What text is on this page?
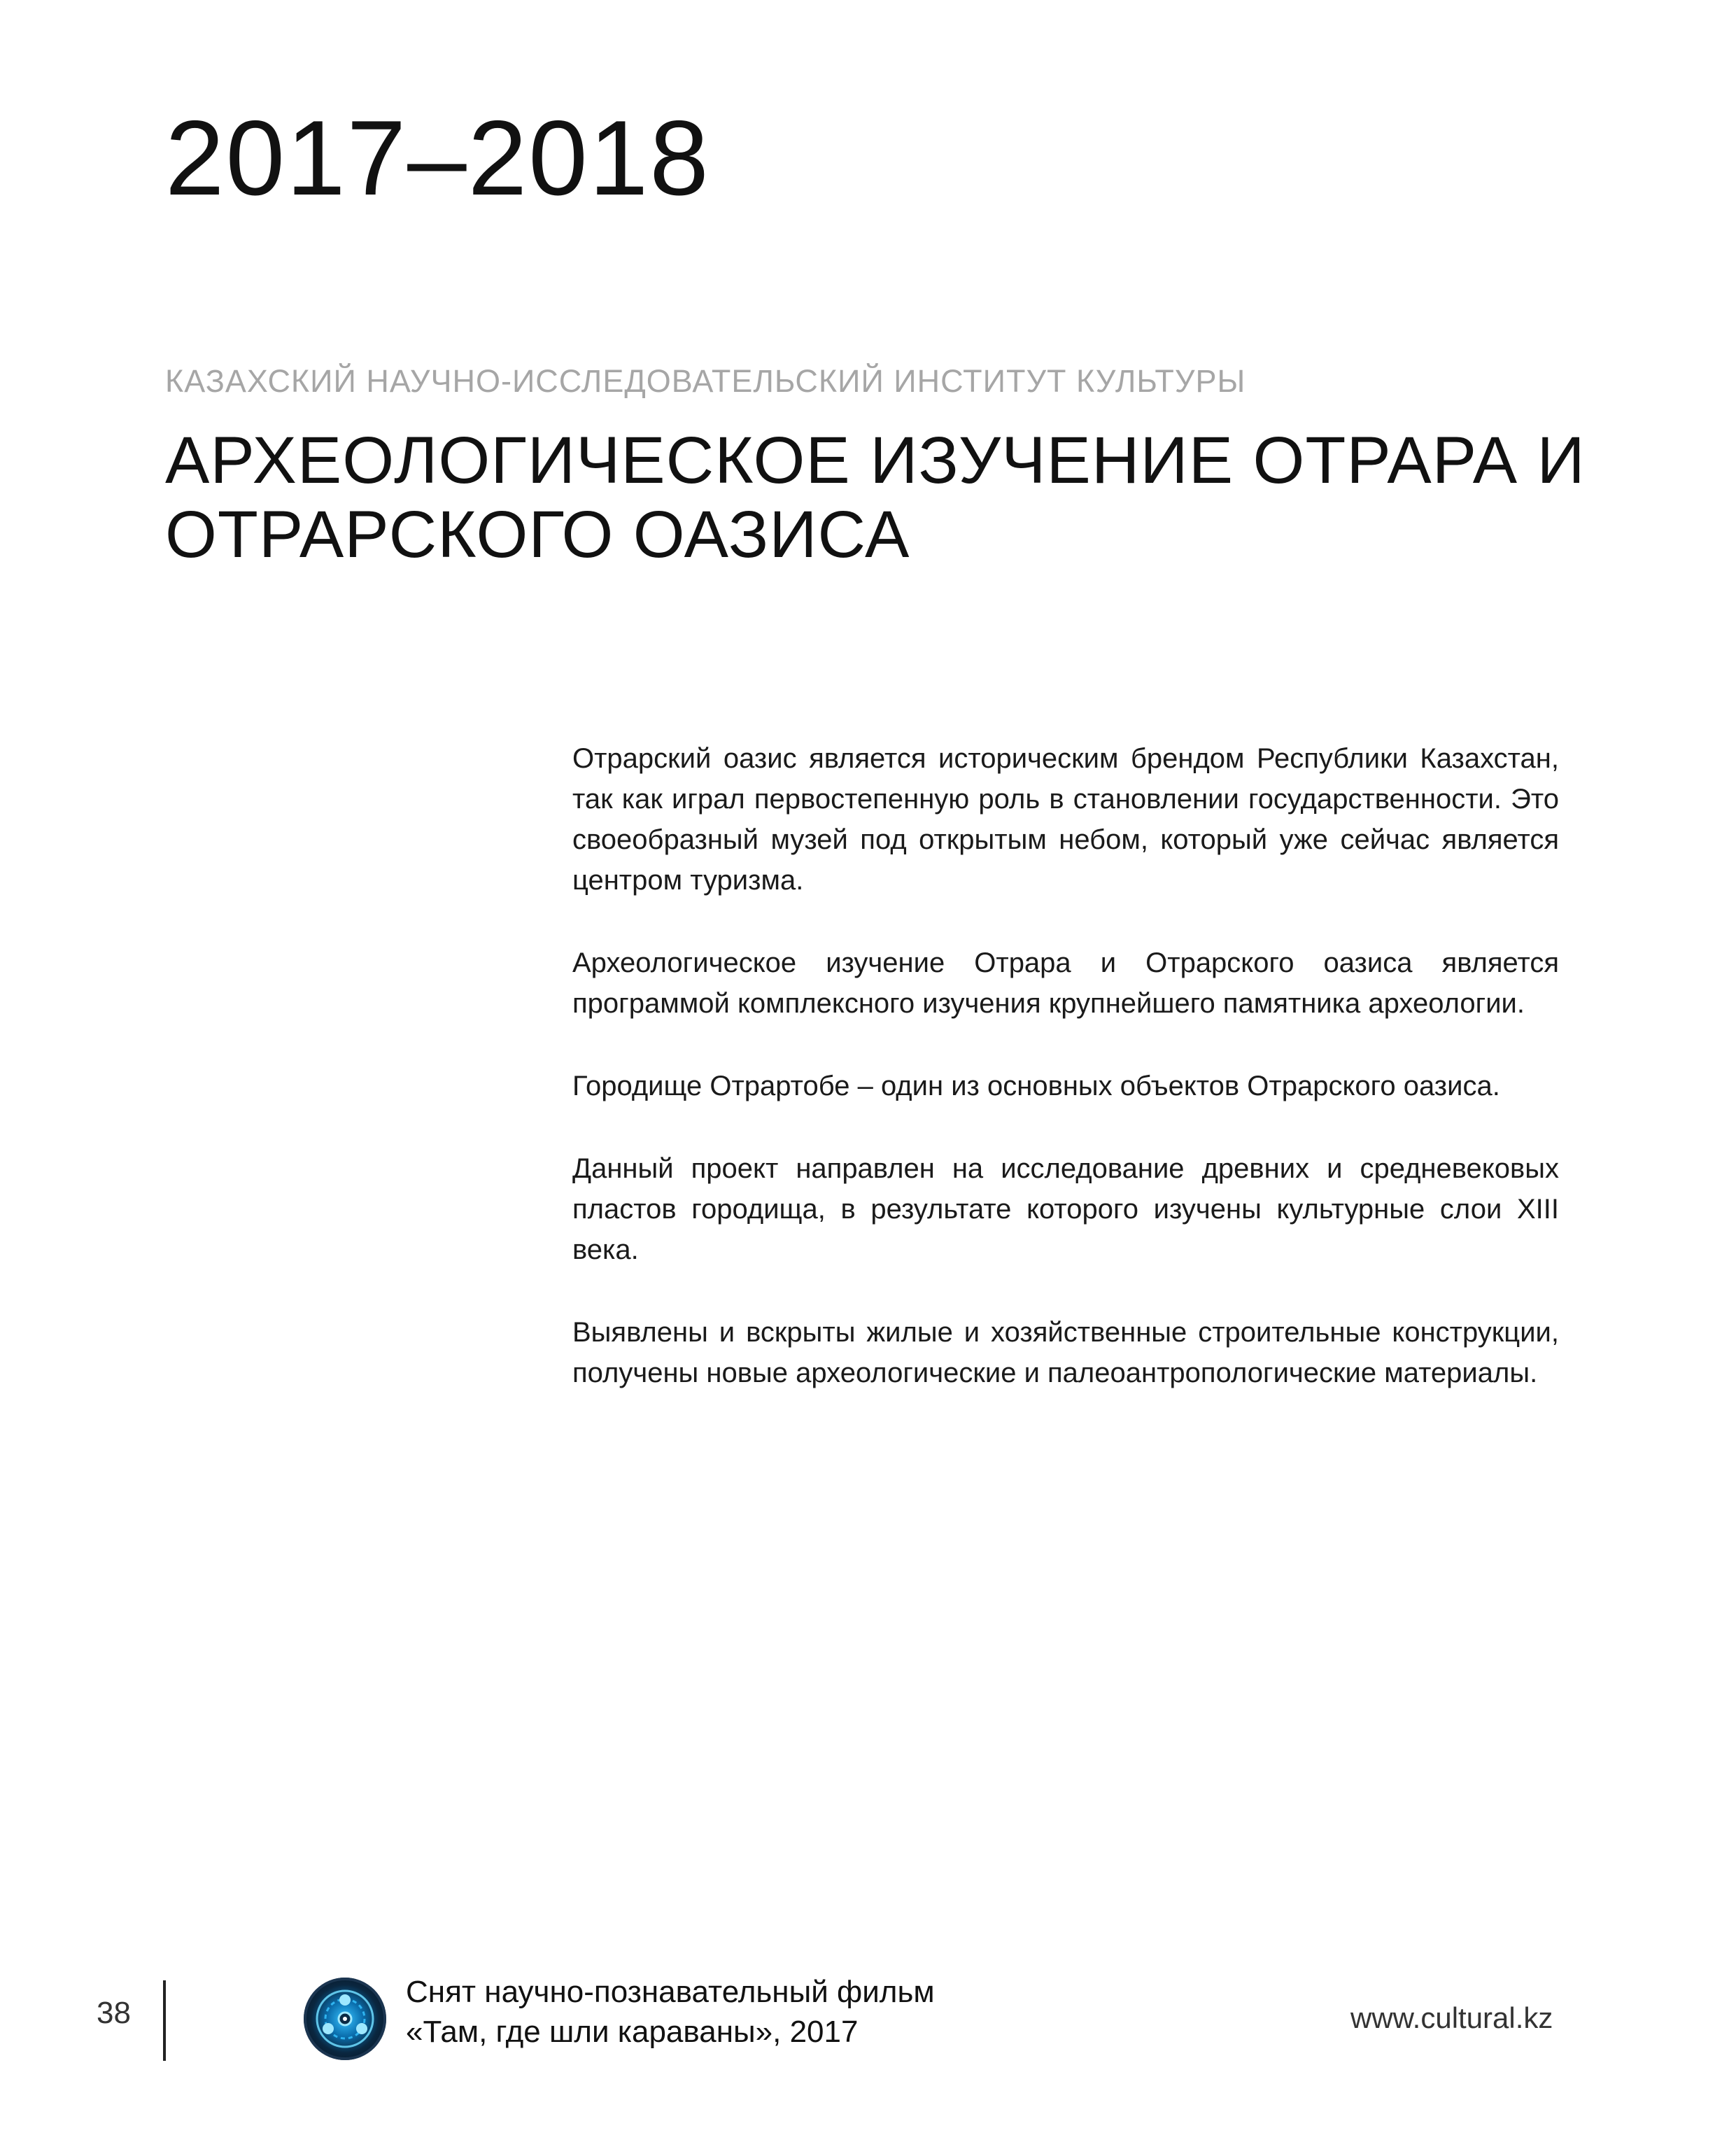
2017–2018
КАЗАХСКИЙ НАУЧНО-ИССЛЕДОВАТЕЛЬСКИЙ ИНСТИТУТ КУЛЬТУРЫ
АРХЕОЛОГИЧЕСКОЕ ИЗУЧЕНИЕ ОТРАРА И ОТРАРСКОГО ОАЗИСА

Отрарский оазис является историческим брендом Республики Казахстан, так как играл первостепенную роль в становлении государственности. Это своеобразный музей под открытым небом, который уже сейчас является центром туризма.

Археологическое изучение Отрара и Отрарского оазиса является программой комплексного изучения крупнейшего памятника археологии.

Городище Отрартобе – один из основных объектов Отрарского оазиса.

Данный проект направлен на исследование древних и средневековых пластов городища, в результате которого изучены культурные слои XIII века.

Выявлены и вскрыты жилые и хозяйственные строительные конструкции, получены новые археологические и палеоантропологические материалы.

38
Снят научно-познавательный фильм
«Там, где шли караваны», 2017	www.cultural.kz
